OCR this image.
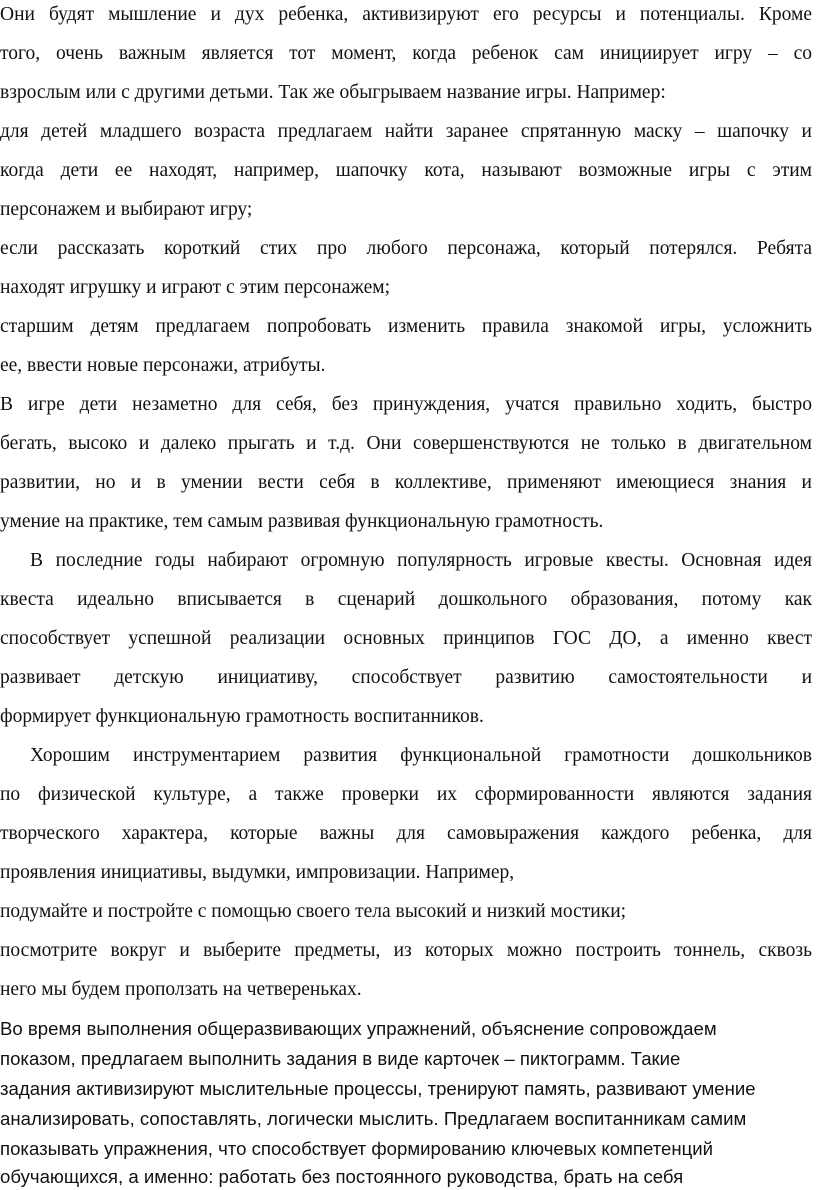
Они будят мышление и дух ребенка, активизируют его ресурсы и потенциалы. Кроме
того, очень важным является тот момент, когда ребенок сам инициирует игру – со
взрослым или с другими детьми. Так же обыгрываем название игры. Например:
для детей младшего возраста предлагаем найти заранее спрятанную маску – шапочку и
когда дети ее находят, например, шапочку кота, называют возможные игры с этим
персонажем и выбирают игру;
если рассказать короткий стих про любого персонажа, который потерялся. Ребята
находят игрушку и играют с этим персонажем;
старшим детям предлагаем попробовать изменить правила знакомой игры, усложнить
ее, ввести новые персонажи, атрибуты.
В игре дети незаметно для себя, без принуждения, учатся правильно ходить, быстро
бегать, высоко и далеко прыгать и т.д. Они совершенствуются не только в двигательном
развитии, но и в умении вести себя в коллективе, применяют имеющиеся знания и
умение на практике, тем самым развивая функциональную грамотность.
В последние годы набирают огромную популярность игровые квесты. Основная идея
квеста идеально вписывается в сценарий дошкольного образования, потому как
способствует успешной реализации основных принципов ГОС ДО, а именно квест
развивает детскую инициативу, способствует развитию самостоятельности и
формирует функциональную грамотность воспитанников.
Хорошим инструментарием развития функциональной грамотности дошкольников
по физической культуре, а также проверки их сформированности являются задания
творческого характера, которые важны для самовыражения каждого ребенка, для
проявления инициативы, выдумки, импровизации. Например,
подумайте и постройте с помощью своего тела высокий и низкий мостики;
посмотрите вокруг и выберите предметы, из которых можно построить тоннель, сквозь
него мы будем проползать на четвереньках.
Во время выполнения общеразвивающих упражнений, объяснение сопровождаем
показом, предлагаем выполнить задания в виде карточек – пиктограмм. Такие
задания активизируют мыслительные процессы, тренируют память, развивают умение
анализировать, сопоставлять, логически мыслить. Предлагаем воспитанникам самим
показывать упражнения, что способствует формированию ключевых компетенций
обучающихся, а именно: работать без постоянного руководства, брать на себя
